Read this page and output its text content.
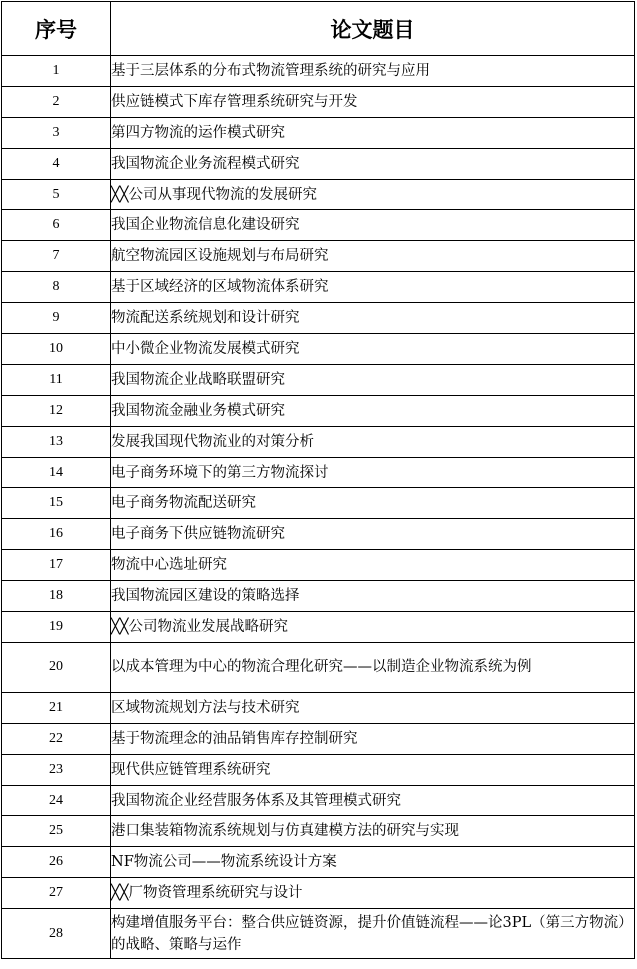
序号	论文题目
1	基于三层体系的分布式物流管理系统的研究与应用
2	供应链模式下库存管理系统研究与开发
3	第四方物流的运作模式研究
4	我国物流企业务流程模式研究
5	╳╳公司从事现代物流的发展研究
6	我国企业物流信息化建设研究
7	航空物流园区设施规划与布局研究
8	基于区域经济的区域物流体系研究
9	物流配送系统规划和设计研究
10	中小微企业物流发展模式研究
11	我国物流企业战略联盟研究
12	我国物流金融业务模式研究
13	发展我国现代物流业的对策分析
14	电子商务环境下的第三方物流探讨
15	电子商务物流配送研究
16	电子商务下供应链物流研究
17	物流中心选址研究
18	我国物流园区建设的策略选择
19	╳╳公司物流业发展战略研究
20	以成本管理为中心的物流合理化研究——以制造企业物流系统为例
21	区域物流规划方法与技术研究
22	基于物流理念的油品销售库存控制研究
23	现代供应链管理系统研究
24	我国物流企业经营服务体系及其管理模式研究
25	港口集装箱物流系统规划与仿真建模方法的研究与实现
26	NF物流公司——物流系统设计方案
27	╳╳厂物资管理系统研究与设计
28	构建增值服务平台：整合供应链资源，提升价值链流程——论3PL（第三方物流）的战略、策略与运作
